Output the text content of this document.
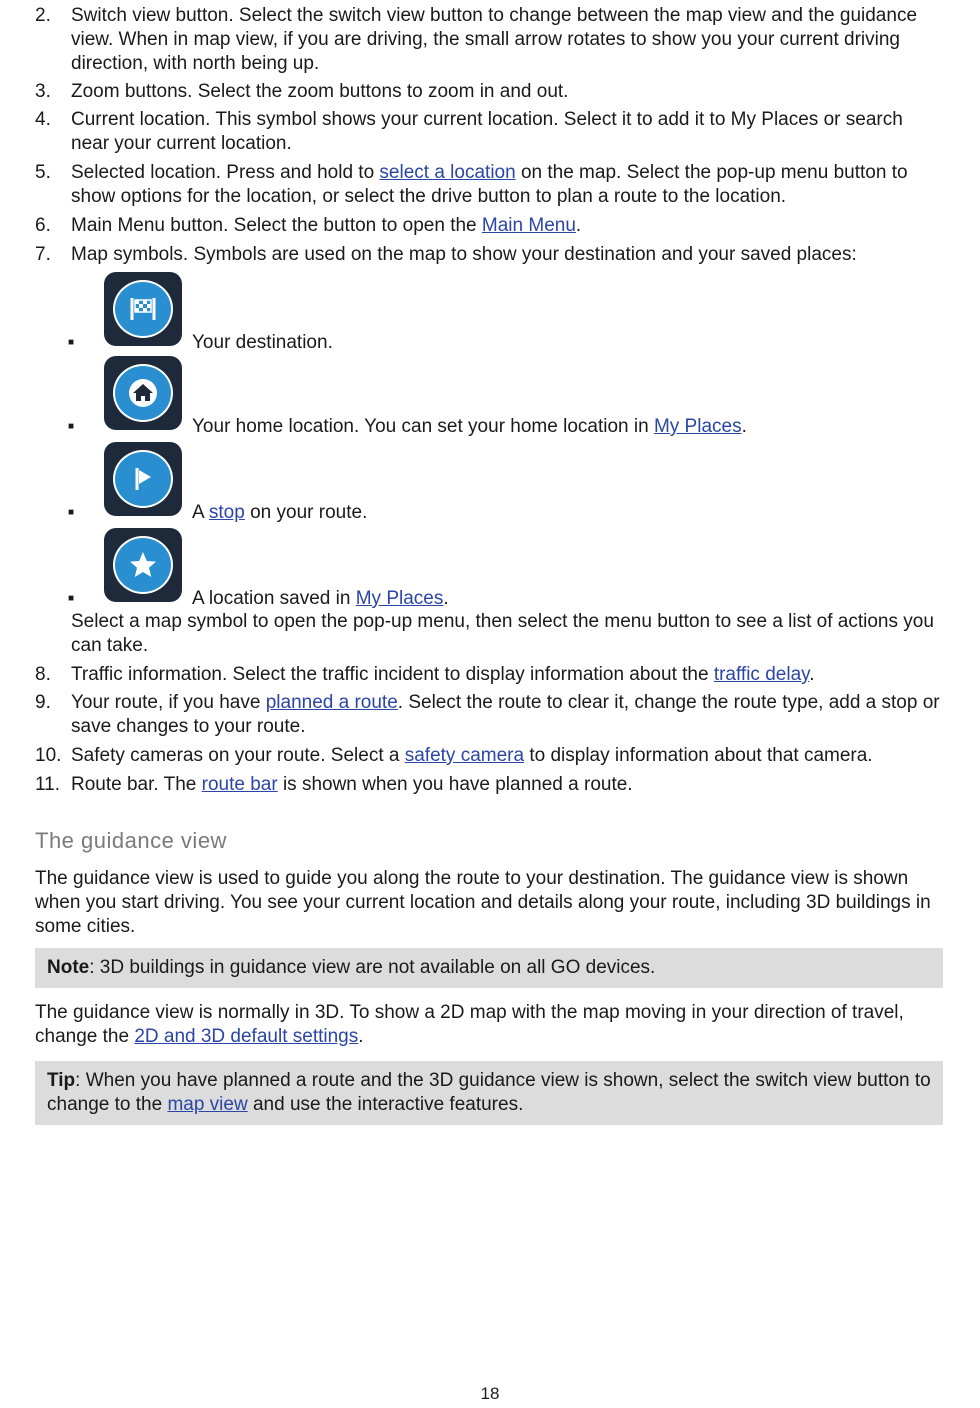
2.	Switch view button. Select the switch view button to change between the map view and the guidance view. When in map view, if you are driving, the small arrow rotates to show you your current driving direction, with north being up.
3.	Zoom buttons. Select the zoom buttons to zoom in and out.
4.	Current location. This symbol shows your current location. Select it to add it to My Places or search near your current location.
5.	Selected location. Press and hold to select a location on the map. Select the pop-up menu button to show options for the location, or select the drive button to plan a route to the location.
6.	Main Menu button. Select the button to open the Main Menu.
7.	Map symbols. Symbols are used on the map to show your destination and your saved places:
■	Your destination.
■	Your home location. You can set your home location in My Places.
■	A stop on your route.
■	A location saved in My Places.
Select a map symbol to open the pop-up menu, then select the menu button to see a list of actions you can take.
8.	Traffic information. Select the traffic incident to display information about the traffic delay.
9.	Your route, if you have planned a route. Select the route to clear it, change the route type, add a stop or save changes to your route.
10. Safety cameras on your route. Select a safety camera to display information about that camera.
11. Route bar. The route bar is shown when you have planned a route.
The guidance view

The guidance view is used to guide you along the route to your destination. The guidance view is shown when you start driving. You see your current location and details along your route, including 3D buildings in some cities.

Note: 3D buildings in guidance view are not available on all GO devices.

The guidance view is normally in 3D. To show a 2D map with the map moving in your direction of travel, change the 2D and 3D default settings.

Tip: When you have planned a route and the 3D guidance view is shown, select the switch view button to change to the map view and use the interactive features.
18
